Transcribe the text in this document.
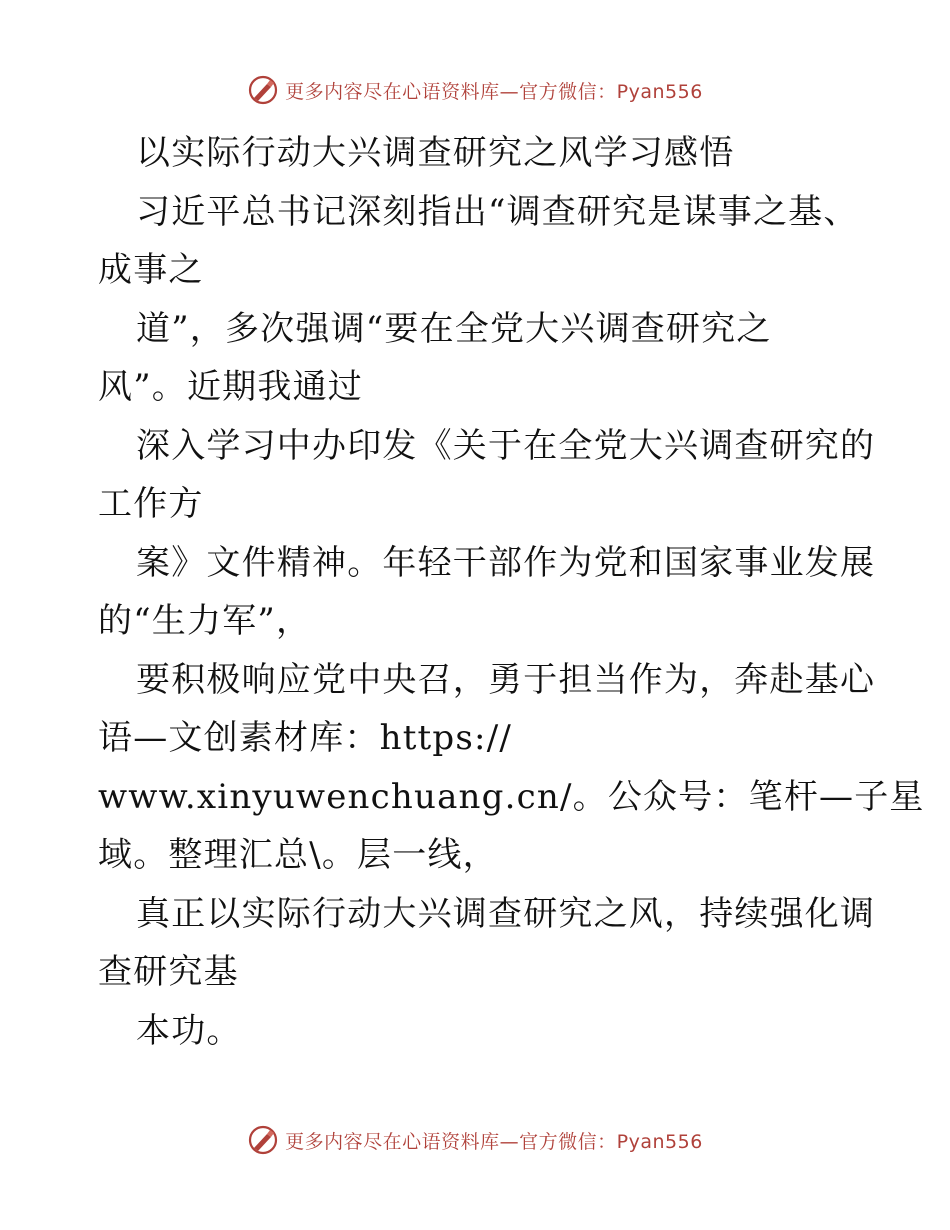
更多内容尽在心语资料库—官方微信：Pyan556
以实际行动大兴调查研究之风学习感悟
习近平总书记深刻指出“调查研究是谋事之基、
成事之
道”，多次强调“要在全党大兴调查研究之
风”。近期我通过
深入学习中办印发《关于在全党大兴调查研究的
工作方
案》文件精神。年轻干部作为党和国家事业发展
的“生力军”，
要积极响应党中央召，勇于担当作为，奔赴基心
语—文创素材库：https://
www.xinyuwenchuang.cn/。公众号：笔杆—子星
域。整理汇总\。层一线，
真正以实际行动大兴调查研究之风，持续强化调
查研究基
本功。
更多内容尽在心语资料库—官方微信：Pyan556
